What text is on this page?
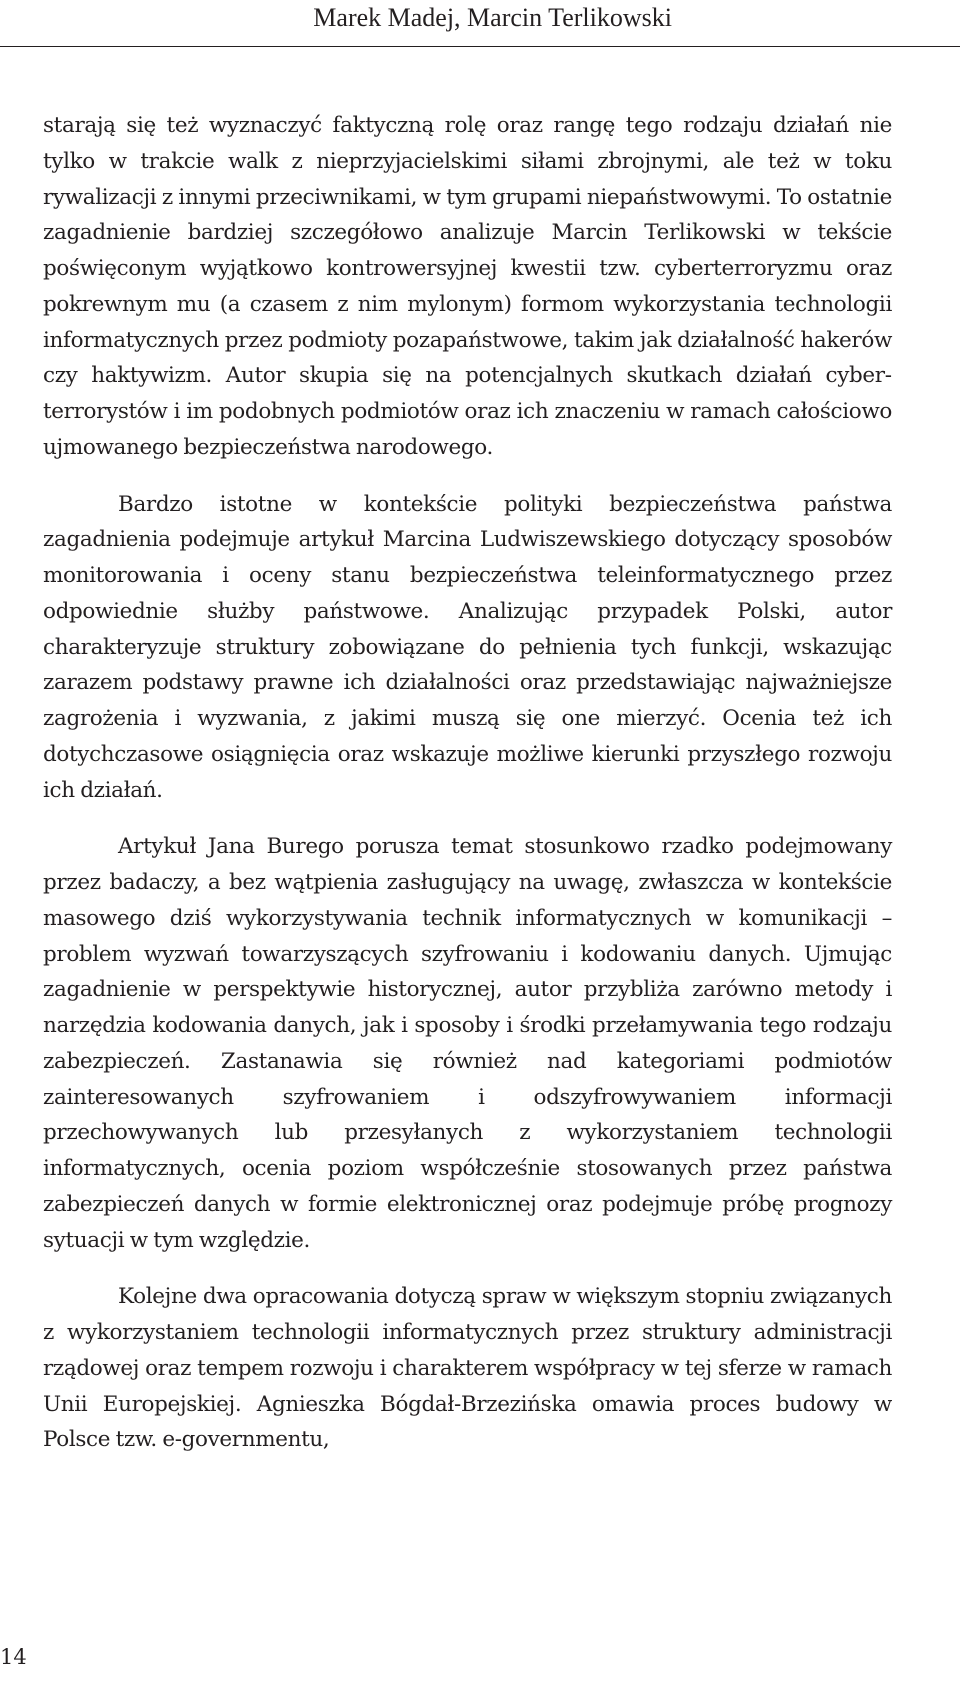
Marek Madej, Marcin Terlikowski

starają się też wyznaczyć faktyczną rolę oraz rangę tego rodzaju działań nie tylko w trakcie walk z nieprzyjacielskimi siłami zbrojnymi, ale też w toku rywalizacji z innymi przeciwnikami, w tym grupami niepaństwowymi. To ostatnie zagadnienie bardziej szczegółowo analizuje Marcin Terlikowski w tekście poświęconym wyjątkowo kontrowersyjnej kwestii tzw. cyberterroryzmu oraz pokrewnym mu (a czasem z nim mylonym) formom wykorzystania technologii informatycznych przez podmioty pozapaństwowe, takim jak działalność hakerów czy haktywizm. Autor skupia się na potencjalnych skutkach działań cyberterrorystów i im podobnych podmiotów oraz ich znaczeniu w ramach całościowo ujmowanego bezpieczeństwa narodowego.

Bardzo istotne w kontekście polityki bezpieczeństwa państwa zagadnienia podejmuje artykuł Marcina Ludwiszewskiego dotyczący sposobów monitorowania i oceny stanu bezpieczeństwa teleinformatycznego przez odpowiednie służby państwowe. Analizując przypadek Polski, autor charakteryzuje struktury zobowiązane do pełnienia tych funkcji, wskazując zarazem podstawy prawne ich działalności oraz przedstawiając najważniejsze zagrożenia i wyzwania, z jakimi muszą się one mierzyć. Ocenia też ich dotychczasowe osiągnięcia oraz wskazuje możliwe kierunki przyszłego rozwoju ich działań.

Artykuł Jana Burego porusza temat stosunkowo rzadko podejmowany przez badaczy, a bez wątpienia zasługujący na uwagę, zwłaszcza w kontekście masowego dziś wykorzystywania technik informatycznych w komunikacji – problem wyzwań towarzyszących szyfrowaniu i kodowaniu danych. Ujmując zagadnienie w perspektywie historycznej, autor przybliża zarówno metody i narzędzia kodowania danych, jak i sposoby i środki przełamywania tego rodzaju zabezpieczeń. Zastanawia się również nad kategoriami podmiotów zainteresowanych szyfrowaniem i odszyfrowywaniem informacji przechowywanych lub przesyłanych z wykorzystaniem technologii informatycznych, ocenia poziom współcześnie stosowanych przez państwa zabezpieczeń danych w formie elektronicznej oraz podejmuje próbę prognozy sytuacji w tym względzie.

Kolejne dwa opracowania dotyczą spraw w większym stopniu związanych z wykorzystaniem technologii informatycznych przez struktury administracji rządowej oraz tempem rozwoju i charakterem współpracy w tej sferze w ramach Unii Europejskiej. Agnieszka Bógdał-Brzezińska omawia proces budowy w Polsce tzw. e-governmentu,

14
